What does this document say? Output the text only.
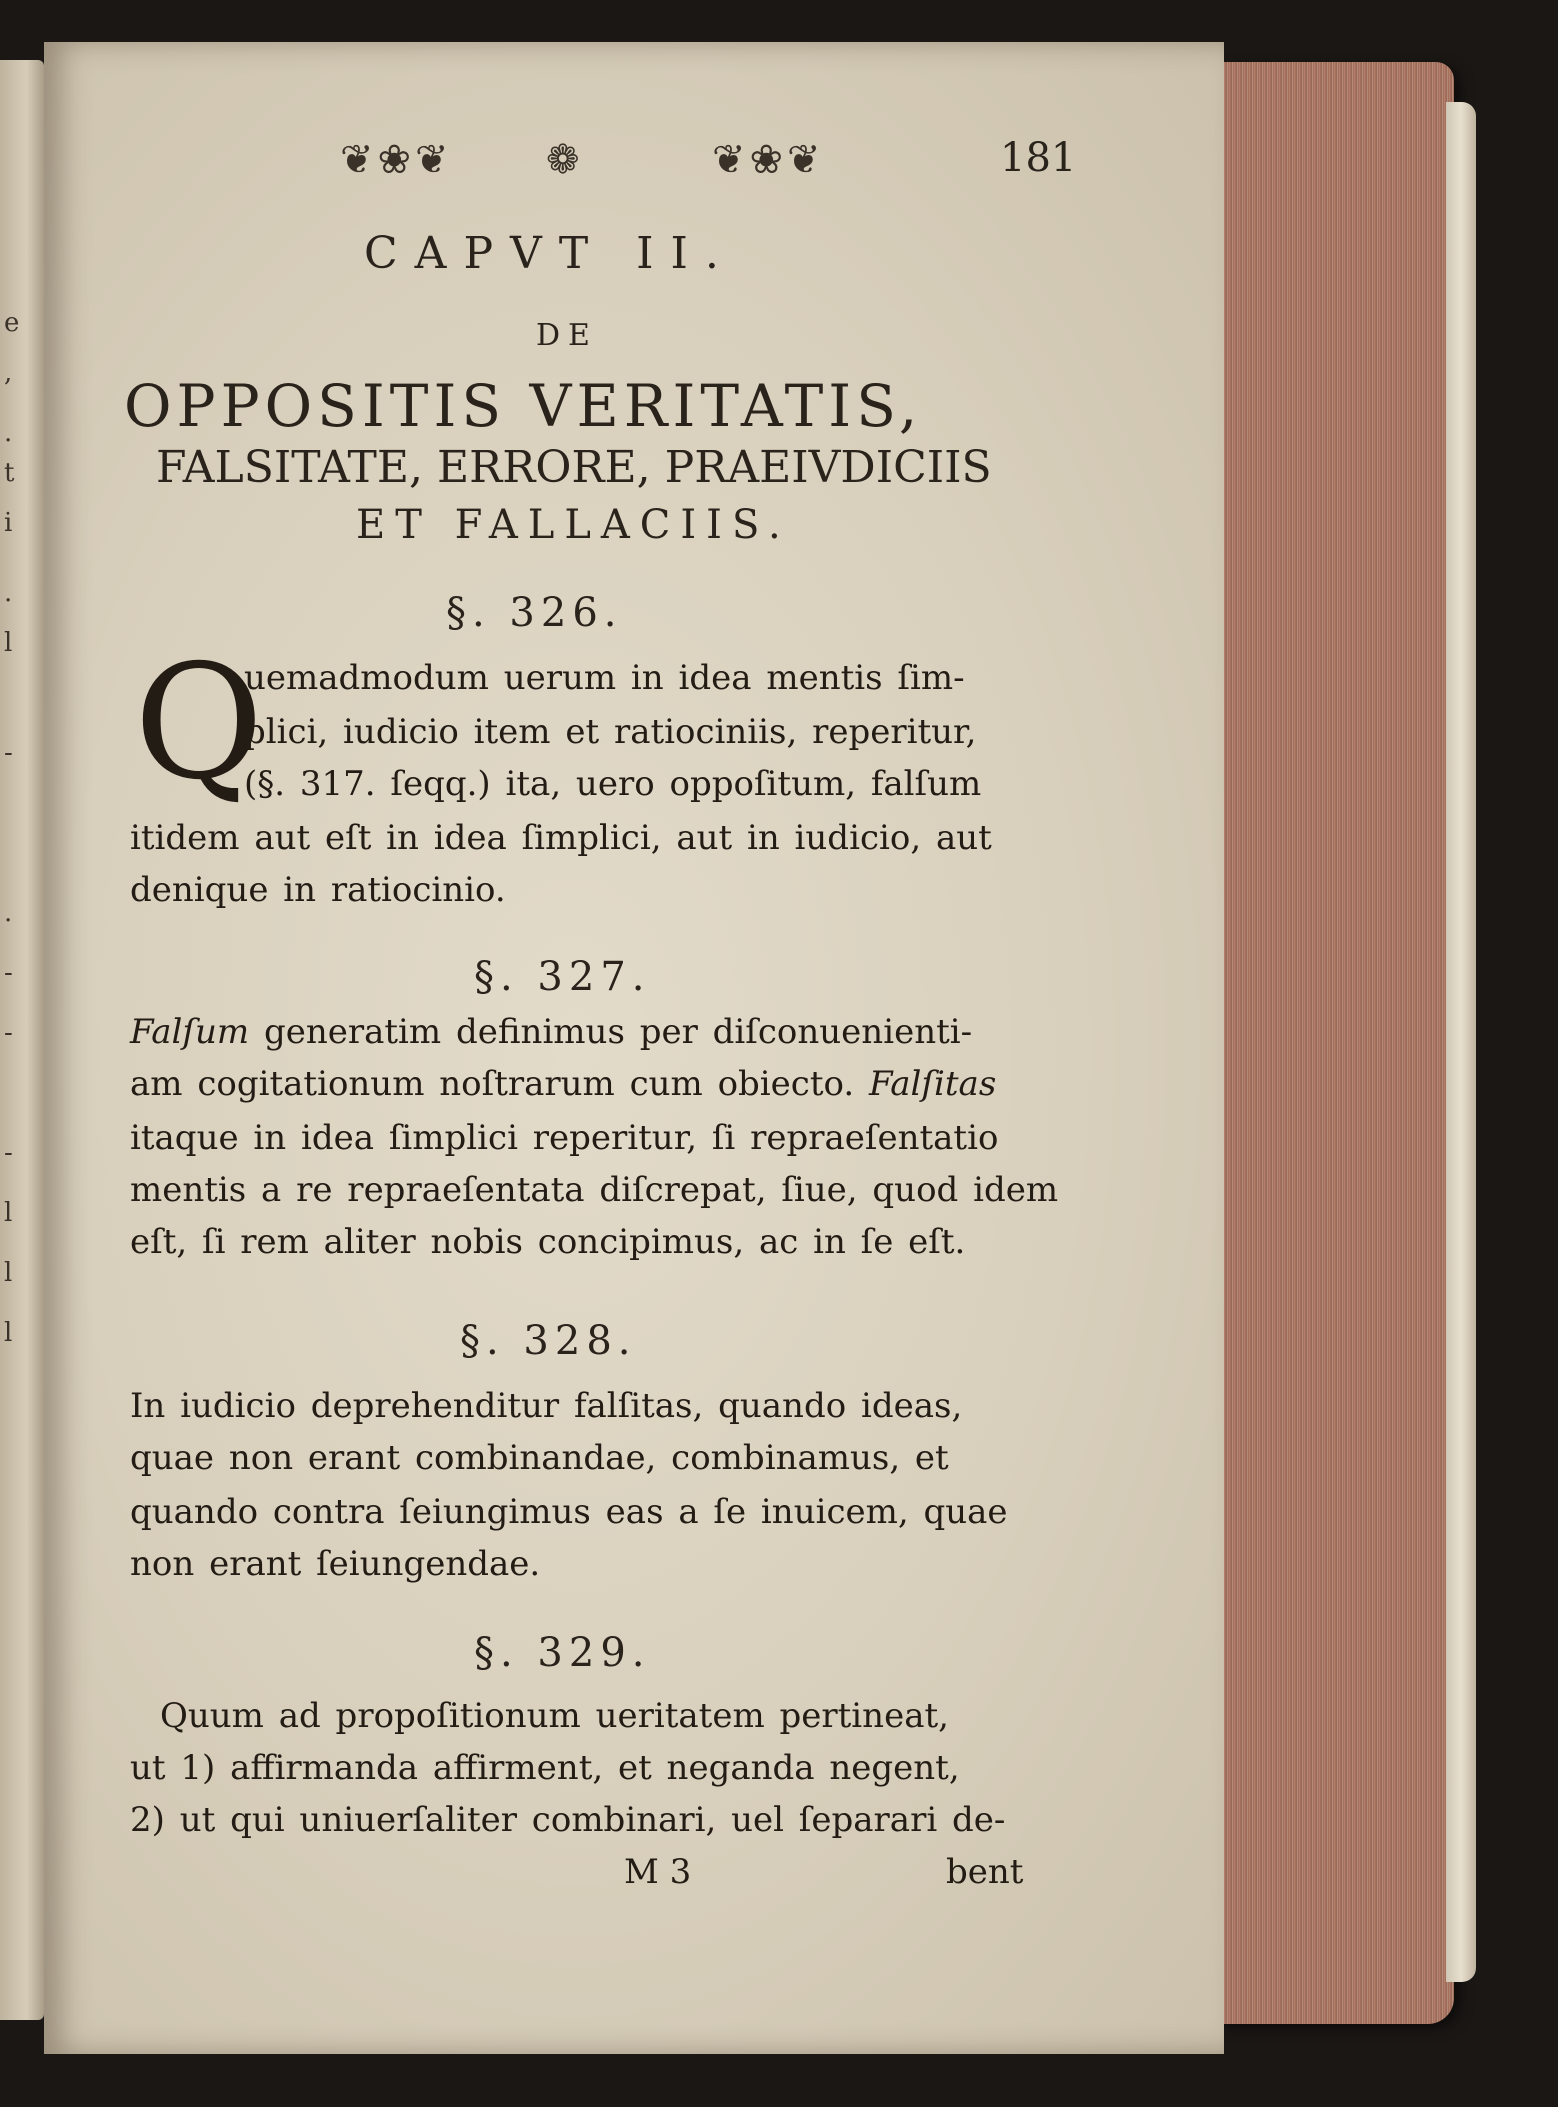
e
,
.
t
i
.
l
-
.
-
-
-
l
l
l
❦❀❦ ❁	❦❀❦	181
CAPVT II.
DE
OPPOSITIS VERITATIS,
FALSITATE, ERRORE, PRAEIVDICIIS
ET FALLACIIS.
§. 326.
Q
uemadmodum uerum in idea mentis ſim-
plici, iudicio item et ratiociniis, reperitur,
(§. 317. ſeqq.) ita, uero oppoſitum, falſum
itidem aut eſt in idea ſimplici, aut in iudicio, aut
denique in ratiocinio.
§. 327.
Falſum generatim definimus per diſconuenienti-
am cogitationum noſtrarum cum obiecto. Falſitas
itaque in idea ſimplici reperitur, ſi repraeſentatio
mentis a re repraeſentata diſcrepat, ſiue, quod idem
eſt, ſi rem aliter nobis concipimus, ac in ſe eſt.
§. 328.
In iudicio deprehenditur falſitas, quando ideas,
quae non erant combinandae, combinamus, et
quando contra ſeiungimus eas a ſe inuicem, quae
non erant ſeiungendae.
§. 329.
Quum ad propoſitionum ueritatem pertineat,
ut 1) affirmanda affirment, et neganda negent,
2) ut qui uniuerſaliter combinari, uel ſeparari de-
M 3	bent
